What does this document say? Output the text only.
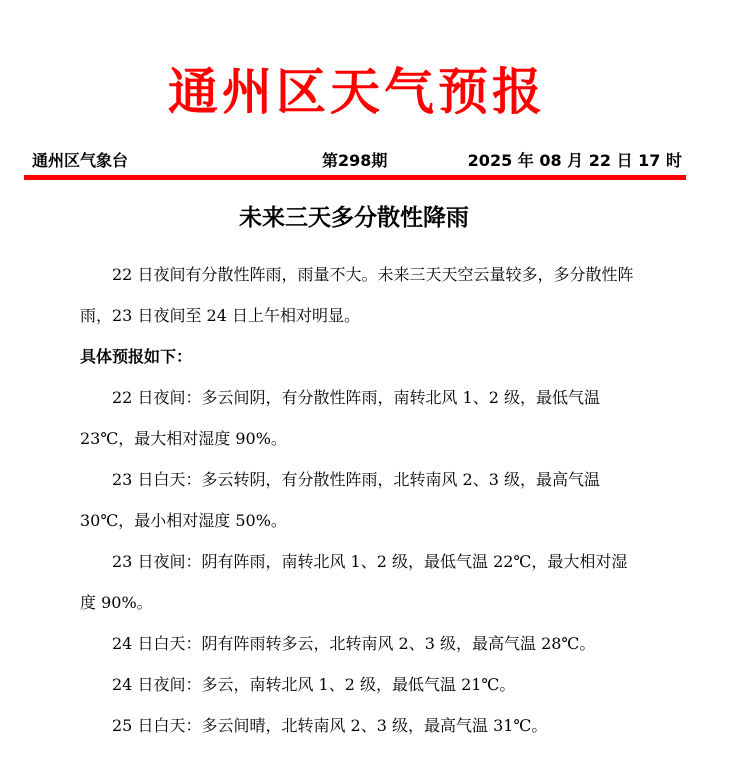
通州区天气预报
通州区气象台	第298期	2025 年 08 月 22 日 17 时
未来三天多分散性降雨

22 日夜间有分散性阵雨，雨量不大。未来三天天空云量较多，多分散性阵雨，23 日夜间至 24 日上午相对明显。

具体预报如下：

22 日夜间：多云间阴，有分散性阵雨，南转北风 1、2 级，最低气温 23℃，最大相对湿度 90%。

23 日白天：多云转阴，有分散性阵雨，北转南风 2、3 级，最高气温 30℃，最小相对湿度 50%。

23 日夜间：阴有阵雨，南转北风 1、2 级，最低气温 22℃，最大相对湿度 90%。

24 日白天：阴有阵雨转多云，北转南风 2、3 级，最高气温 28℃。

24 日夜间：多云，南转北风 1、2 级，最低气温 21℃。

25 日白天：多云间晴，北转南风 2、3 级，最高气温 31℃。
